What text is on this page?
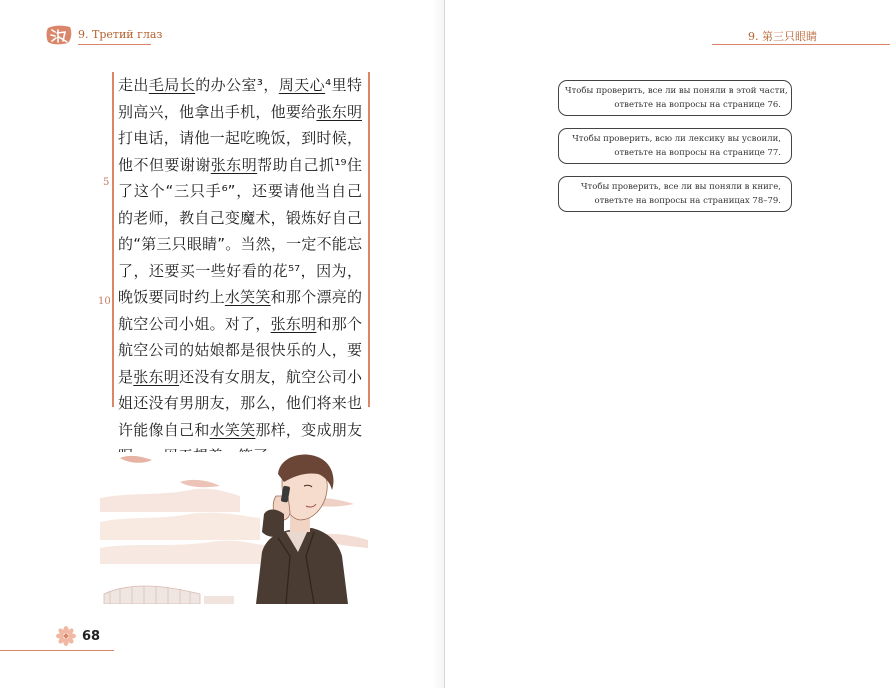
9. Третий глаз
走出毛局长的办公室³，周天心⁴里特别高兴，他拿出手机，他要给张东明打电话，请他一起吃晚饭，到时候，他不但要谢谢张东明帮助自己抓¹⁹住了这个“三只手⁶”，还要请他当自己的老师，教自己变魔术，锻炼好自己的“第三只眼睛”。当然，一定不能忘了，还要买一些好看的花⁵⁷，因为，晚饭要同时约上水笑笑和那个漂亮的航空公司小姐。对了，张东明和那个航空公司的姑娘都是很快乐的人，要是张东明还没有女朋友，航空公司小姐还没有男朋友，那么，他们将来也许能像自己和水笑笑那样，变成朋友
5
10
68
9. 第三只眼睛
Чтобы проверить, все ли вы поняли в этой части,
ответьте на вопросы на странице 76.
Чтобы проверить, всю ли лексику вы усвоили,
ответьте на вопросы на странице 77.
Чтобы проверить, все ли вы поняли в книге,
ответьте на вопросы на страницах 78–79.
